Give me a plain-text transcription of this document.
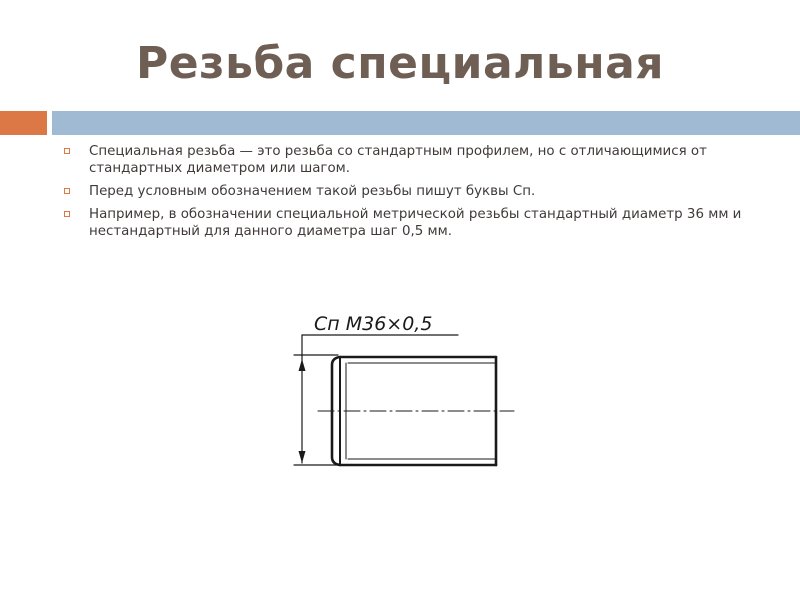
Резьба специальная
Специальная резьба — это резьба со стандартным профилем, но с отличающимися от стандартных диаметром или шагом.
Перед условным обозначением такой резьбы пишут буквы Сп.
Например, в обозначении специальной метрической резьбы стандартный диаметр 36 мм и нестандартный для данного диаметра шаг 0,5 мм.
Сп М36×0,5
